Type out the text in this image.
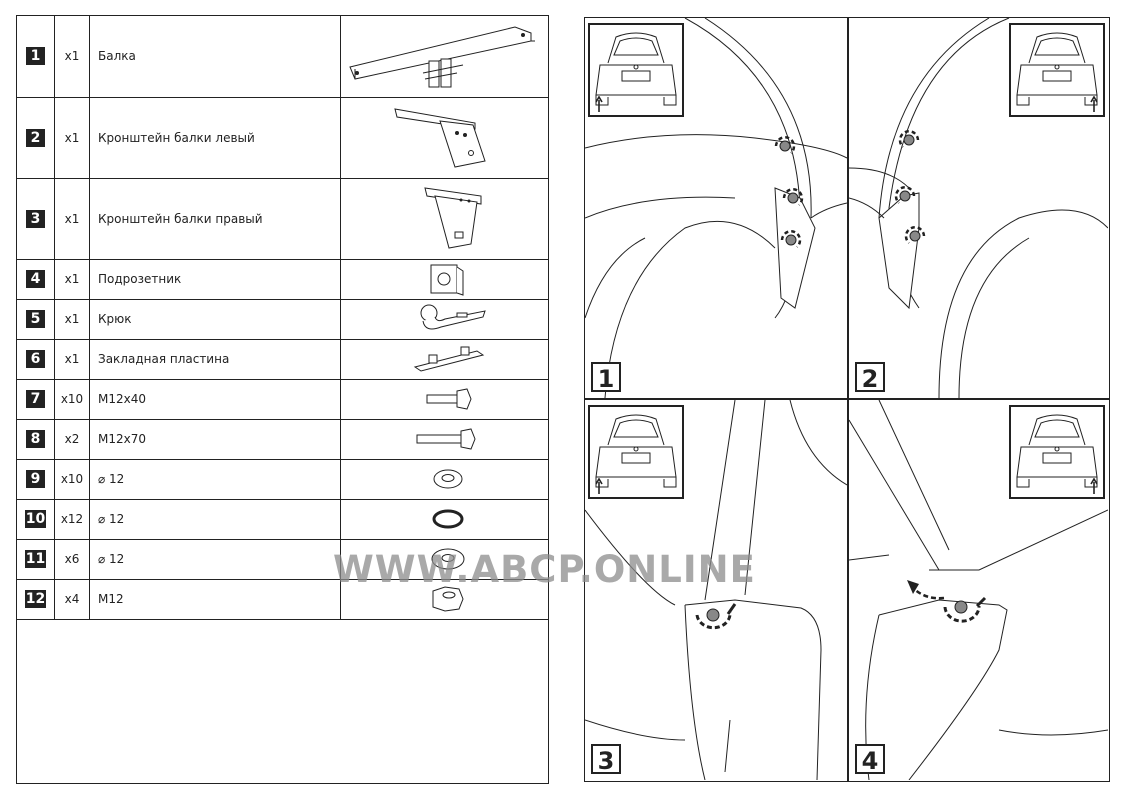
1	x1	Балка	

2	x1	Кронштейн балки левый	

3	x1	Кронштейн балки правый	

4	x1	Подрозетник	

5	x1	Крюк	

6	x1	Закладная пластина	

7	x10	M12x40	

8	x2	M12x70	

9	x10	⌀ 12	

10	x12	⌀ 12	

11	x6	⌀ 12	

12	x4	M12	

1	2
3	4
WWW.ABCP.ONLINE
